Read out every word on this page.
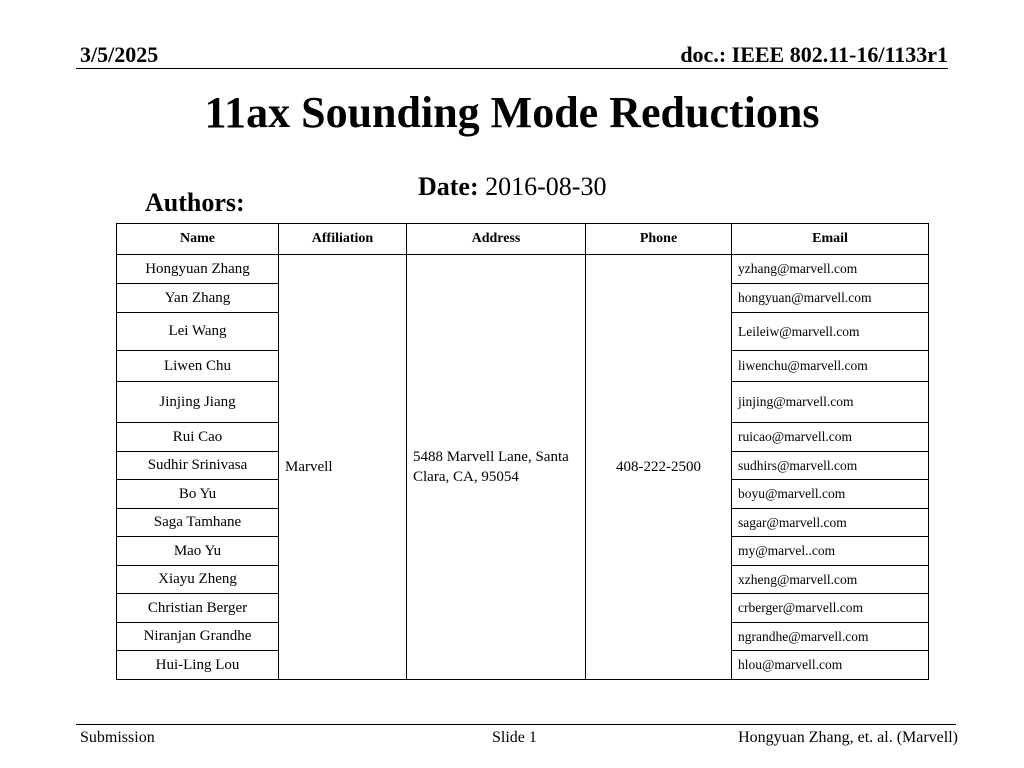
3/5/2025	doc.: IEEE 802.11-16/1133r1
11ax Sounding Mode Reductions
Date: 2016-08-30
Authors:
Name	Affiliation	Address	Phone	Email
Hongyuan Zhang	Marvell	5488 Marvell Lane, Santa Clara, CA, 95054	408-222-2500	yzhang@marvell.com
Yan Zhang				hongyuan@marvell.com
Lei Wang				Leileiw@marvell.com
Liwen Chu				liwenchu@marvell.com
Jinjing Jiang				jinjing@marvell.com
Rui Cao				ruicao@marvell.com
Sudhir Srinivasa				sudhirs@marvell.com
Bo Yu				boyu@marvell.com
Saga Tamhane				sagar@marvell.com
Mao Yu				my@marvel..com
Xiayu Zheng				xzheng@marvell.com
Christian Berger				crberger@marvell.com
Niranjan Grandhe				ngrandhe@marvell.com
Hui-Ling Lou				hlou@marvell.com
Submission	Slide 1	Hongyuan Zhang, et. al. (Marvell)
